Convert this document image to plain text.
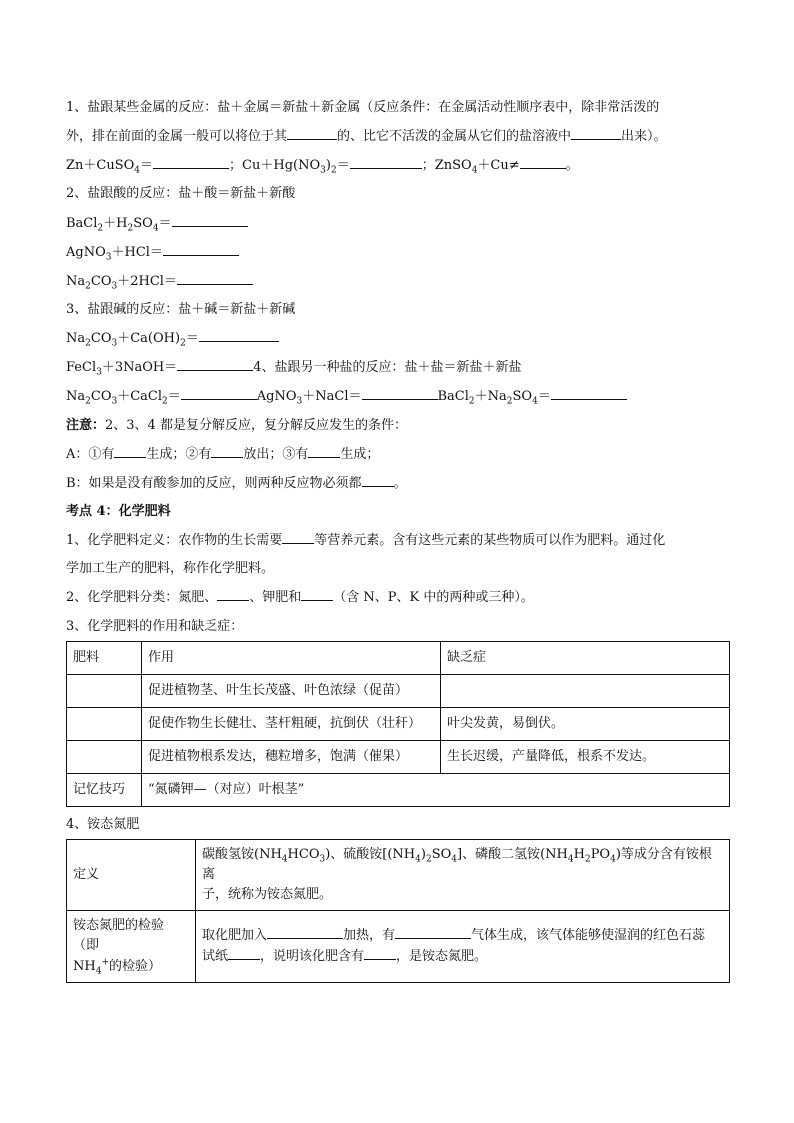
1、盐跟某些金属的反应：盐＋金属＝新盐＋新金属（反应条件：在金属活动性顺序表中，除非常活泼的

外，排在前面的金属一般可以将位于其	的、比它不活泼的金属从它们的盐溶液中	出来）。

Zn＋CuSO$_4$＝	；$Cu+Hg(NO_3)_2=$	；ZnSO$_4$＋Cu≠	。

2、盐跟酸的反应：盐＋酸＝新盐＋新酸

$BaCl_2+H_2SO_4=$

AgNO$_3$＋HCl＝

$Na_2CO_3+2HCl=$

3、盐跟碱的反应：盐＋碱＝新盐＋新碱

$Na_2CO_3+Ca(OH)_2=$

FeCl$_3$＋3NaOH＝	4、盐跟另一种盐的反应：盐＋盐＝新盐＋新盐

$Na_2CO_3+CaCl_2=$	AgNO$_3$＋NaCl＝	$BaCl_2+Na_2SO_4=$

注意：2、3、4 都是复分解反应，复分解反应发生的条件：

A：①有 生成；②有 放出；③有 生成；

B：如果是没有酸参加的反应，则两种反应物必须都 。

考点 4：化学肥料

1、化学肥料定义：农作物的生长需要 等营养元素。含有这些元素的某些物质可以作为肥料。通过化

学加工生产的肥料，称作化学肥料。

2、化学肥料分类：氮肥、 、钾肥和 （含 N、P、K 中的两种或三种）。

3、化学肥料的作用和缺乏症：

肥料	作用	缺乏症
	促进植物茎、叶生长茂盛、叶色浓绿（促苗）	
	促使作物生长健壮、茎杆粗硬，抗倒伏（壮秆）	叶尖发黄，易倒伏。
	促进植物根系发达，穗粒增多，饱满（催果）	生长迟缓，产量降低，根系不发达。
记忆技巧	“氮磷钾—（对应）叶根茎”	

4、铵态氮肥

定义	碳酸氢铵$(NH_4HCO_3)$、硫酸铵$[(NH_4)_2SO_4]$、磷酸二氢铵$(NH_4H_2PO_4)$等成分含有铵根离
子，统称为铵态氮肥。

铵态氮肥的检验
（即 $NH_4^+$的检验）	取化肥加入 加热，有 气体生成，该气体能够使湿润的红色石蕊
试纸 ，说明该化肥含有 ，是铵态氮肥。
